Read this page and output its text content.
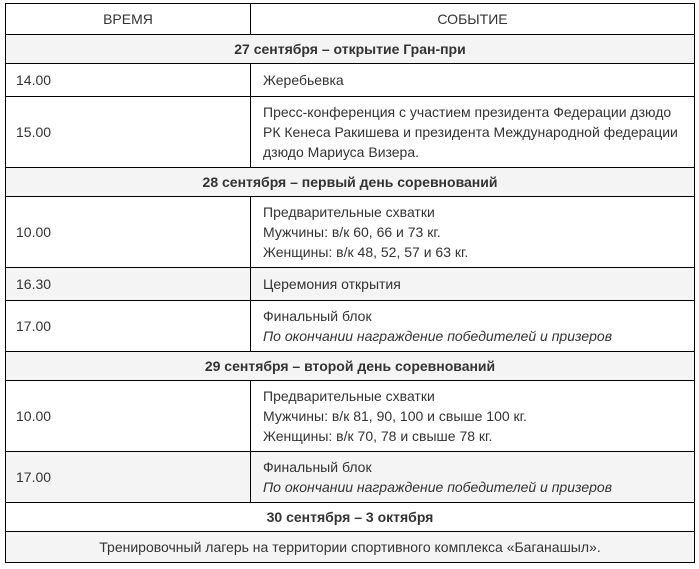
ВРЕМЯ	СОБЫТИЕ
27 сентября – открытие Гран-при	
14.00	Жеребьевка

15.00	Пресс-конференция с участием президента Федерации дзюдо РК Кенеса Ракишева и президента Международной федерации дзюдо Мариуса Визера.

28 сентября – первый день соревнований	
10.00	Предварительные схватки
Мужчины: в/к 60, 66 и 73 кг.
Женщины: в/к 48, 52, 57 и 63 кг.

16.30	Церемония открытия

17.00	Финальный блок
По окончании награждение победителей и призеров

29 сентября – второй день соревнований	
10.00	Предварительные схватки
Мужчины: в/к 81, 90, 100 и свыше 100 кг.
Женщины: в/к 70, 78 и свыше 78 кг.

17.00	Финальный блок
По окончании награждение победителей и призеров

30 сентября – 3 октября	
Тренировочный лагерь на территории спортивного комплекса «Баганашыл».	
